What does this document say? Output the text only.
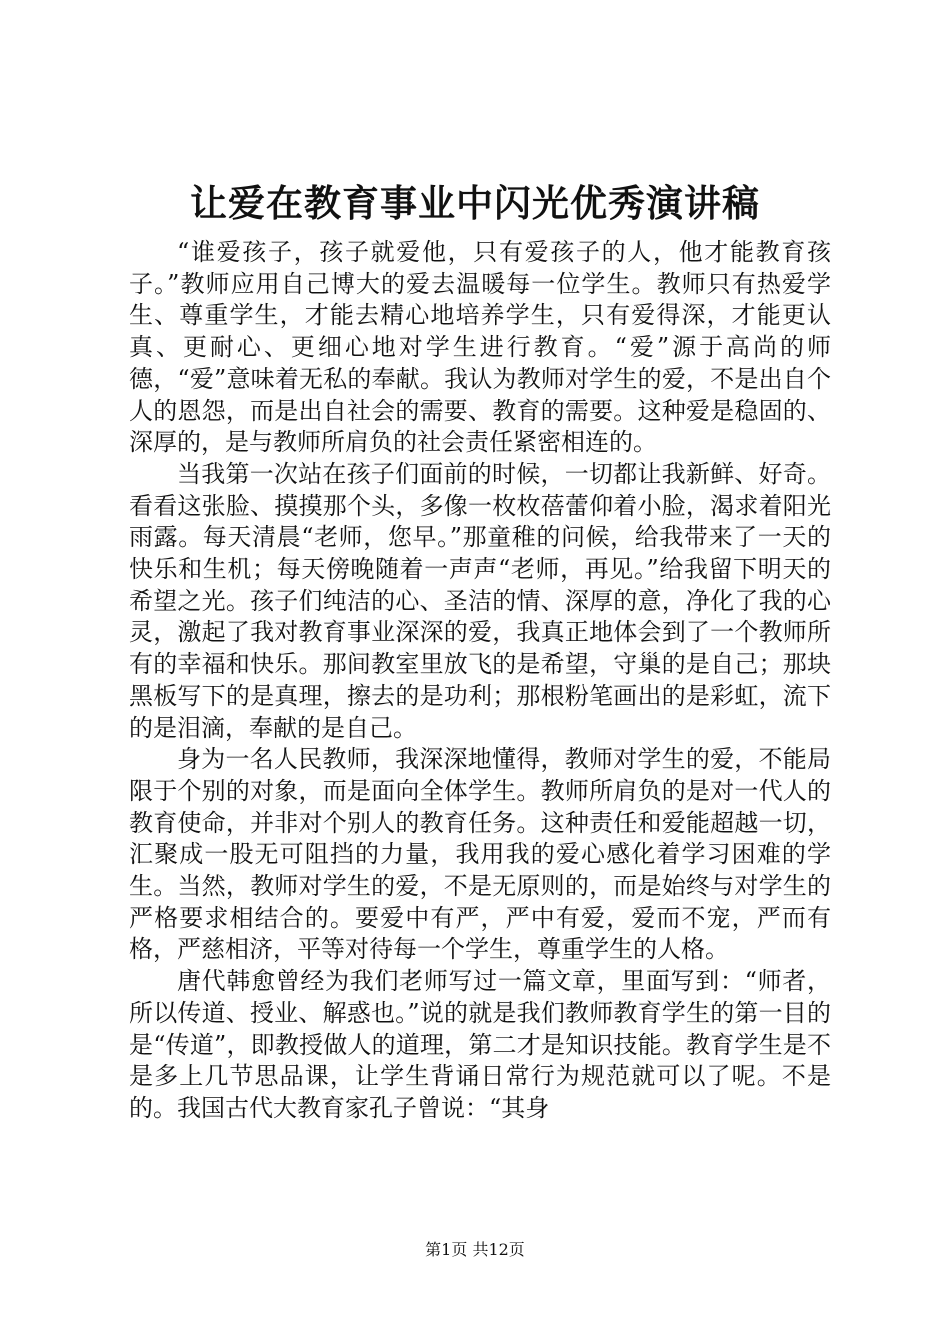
让爱在教育事业中闪光优秀演讲稿

“谁爱孩子，孩子就爱他，只有爱孩子的人，他才能教育孩子。”教师应用自己博大的爱去温暖每一位学生。教师只有热爱学生、尊重学生，才能去精心地培养学生，只有爱得深，才能更认真、更耐心、更细心地对学生进行教育。“爱”源于高尚的师德，“爱”意味着无私的奉献。我认为教师对学生的爱，不是出自个人的恩怨，而是出自社会的需要、教育的需要。这种爱是稳固的、深厚的，是与教师所肩负的社会责任紧密相连的。

当我第一次站在孩子们面前的时候，一切都让我新鲜、好奇。看看这张脸、摸摸那个头，多像一枚枚蓓蕾仰着小脸，渴求着阳光雨露。每天清晨“老师，您早。”那童稚的问候，给我带来了一天的快乐和生机；每天傍晚随着一声声“老师，再见。”给我留下明天的希望之光。孩子们纯洁的心、圣洁的情、深厚的意，净化了我的心灵，激起了我对教育事业深深的爱，我真正地体会到了一个教师所有的幸福和快乐。那间教室里放飞的是希望，守巢的是自己；那块黑板写下的是真理，擦去的是功利；那根粉笔画出的是彩虹，流下的是泪滴，奉献的是自己。

身为一名人民教师，我深深地懂得，教师对学生的爱，不能局限于个别的对象，而是面向全体学生。教师所肩负的是对一代人的教育使命，并非对个别人的教育任务。这种责任和爱能超越一切，汇聚成一股无可阻挡的力量，我用我的爱心感化着学习困难的学生。当然，教师对学生的爱，不是无原则的，而是始终与对学生的严格要求相结合的。要爱中有严，严中有爱，爱而不宠，严而有格，严慈相济，平等对待每一个学生，尊重学生的人格。

唐代韩愈曾经为我们老师写过一篇文章，里面写到：“师者，所以传道、授业、解惑也。”说的就是我们教师教育学生的第一目的是“传道”，即教授做人的道理，第二才是知识技能。教育学生是不是多上几节思品课，让学生背诵日常行为规范就可以了呢。不是的。我国古代大教育家孔子曾说：“其身

第1页 共12页
